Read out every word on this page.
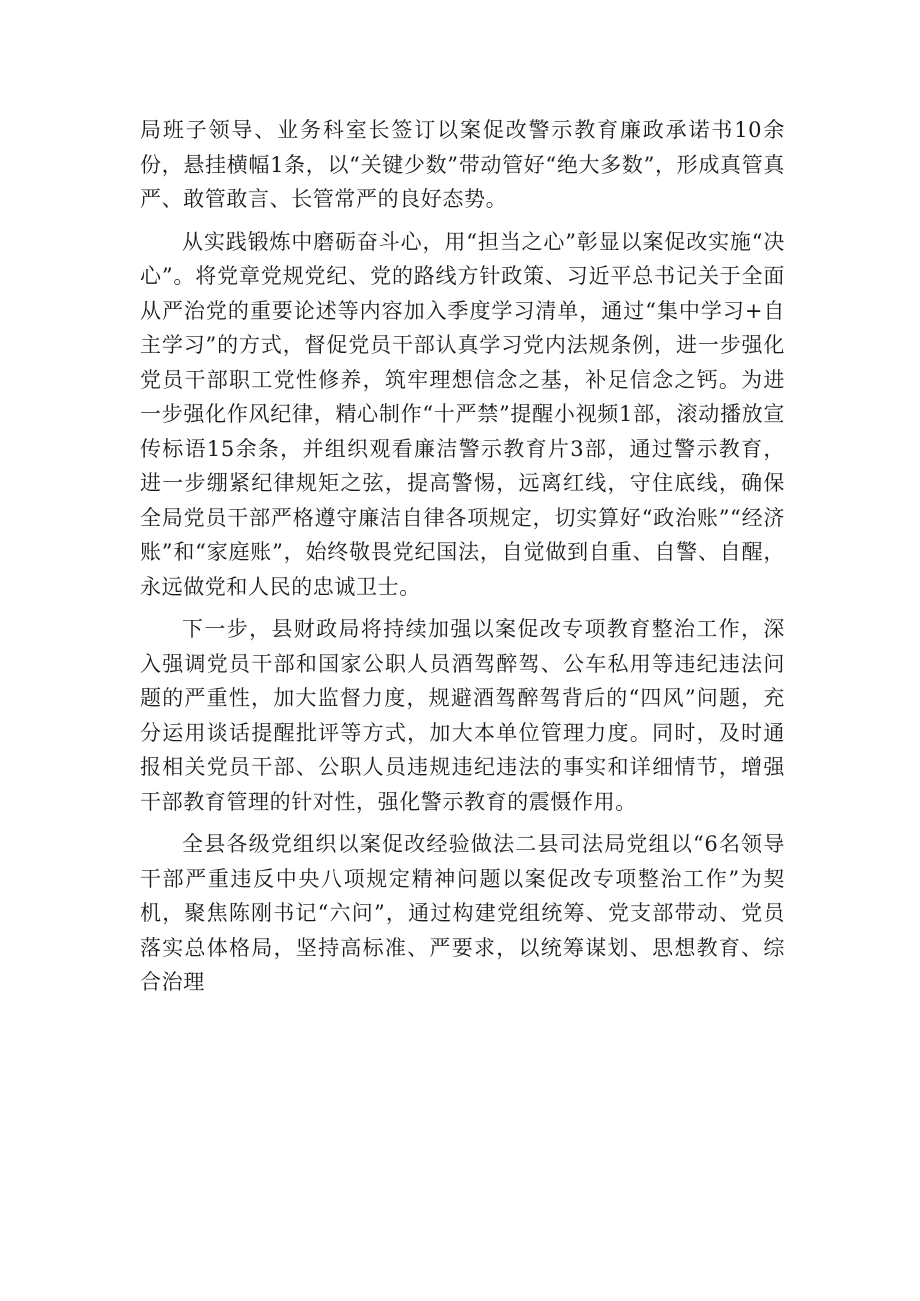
局班子领导、业务科室长签订以案促改警示教育廉政承诺书10余份，悬挂横幅1条，以“关键少数”带动管好“绝大多数”，形成真管真严、敢管敢言、长管常严的良好态势。

从实践锻炼中磨砺奋斗心，用“担当之心”彰显以案促改实施“决心”。将党章党规党纪、党的路线方针政策、习近平总书记关于全面从严治党的重要论述等内容加入季度学习清单，通过“集中学习+自主学习”的方式，督促党员干部认真学习党内法规条例，进一步强化党员干部职工党性修养，筑牢理想信念之基，补足信念之钙。为进一步强化作风纪律，精心制作“十严禁”提醒小视频1部，滚动播放宣传标语15余条，并组织观看廉洁警示教育片3部，通过警示教育，进一步绷紧纪律规矩之弦，提高警惕，远离红线，守住底线，确保全局党员干部严格遵守廉洁自律各项规定，切实算好“政治账”“经济账”和“家庭账”，始终敬畏党纪国法，自觉做到自重、自警、自醒，永远做党和人民的忠诚卫士。

下一步，县财政局将持续加强以案促改专项教育整治工作，深入强调党员干部和国家公职人员酒驾醉驾、公车私用等违纪违法问题的严重性，加大监督力度，规避酒驾醉驾背后的“四风”问题，充分运用谈话提醒批评等方式，加大本单位管理力度。同时，及时通报相关党员干部、公职人员违规违纪违法的事实和详细情节，增强干部教育管理的针对性，强化警示教育的震慑作用。

全县各级党组织以案促改经验做法二县司法局党组以“6名领导干部严重违反中央八项规定精神问题以案促改专项整治工作”为契机，聚焦陈刚书记“六问”，通过构建党组统筹、党支部带动、党员落实总体格局，坚持高标准、严要求，以统筹谋划、思想教育、综合治理
